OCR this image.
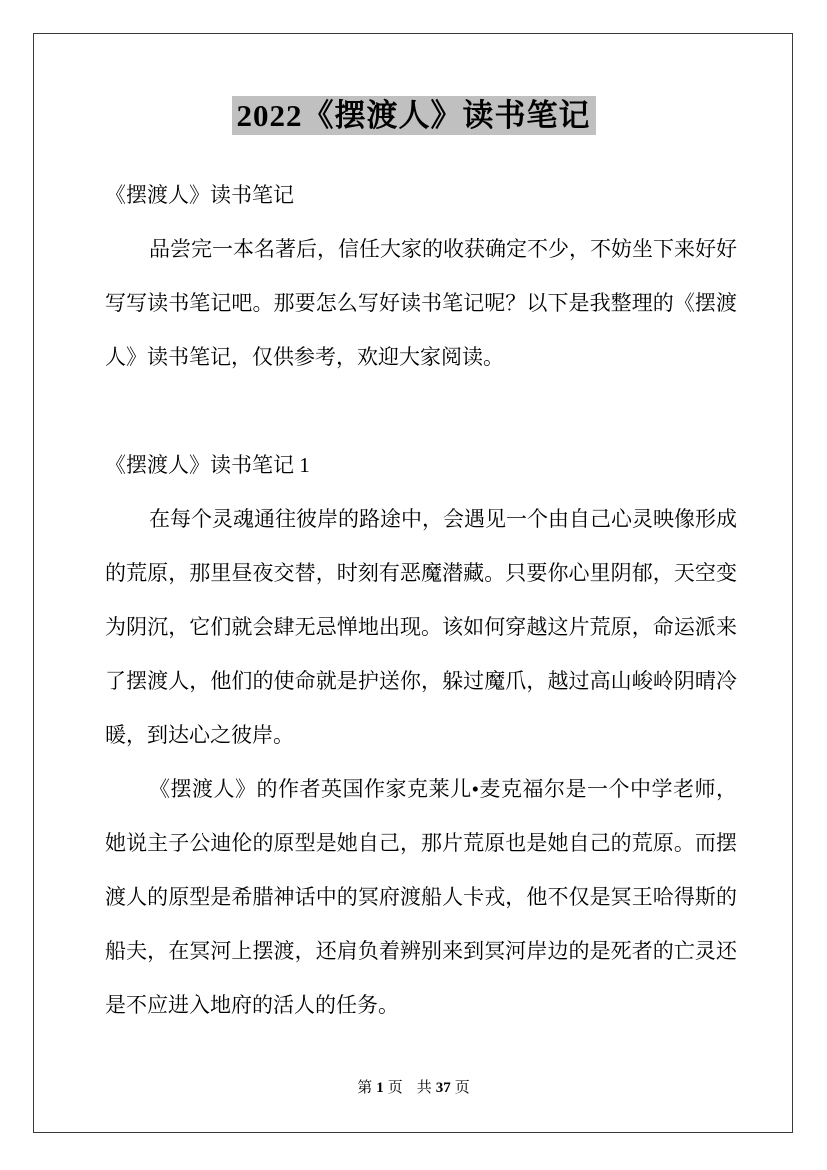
2022《摆渡人》读书笔记

《摆渡人》读书笔记

品尝完一本名著后，信任大家的收获确定不少，不妨坐下来好好写写读书笔记吧。那要怎么写好读书笔记呢？以下是我整理的《摆渡人》读书笔记，仅供参考，欢迎大家阅读。

《摆渡人》读书笔记 1

在每个灵魂通往彼岸的路途中，会遇见一个由自己心灵映像形成的荒原，那里昼夜交替，时刻有恶魔潜藏。只要你心里阴郁，天空变为阴沉，它们就会肆无忌惮地出现。该如何穿越这片荒原，命运派来了摆渡人，他们的使命就是护送你，躲过魔爪，越过高山峻岭阴晴冷暖，到达心之彼岸。

《摆渡人》的作者英国作家克莱儿•麦克福尔是一个中学老师，她说主子公迪伦的原型是她自己，那片荒原也是她自己的荒原。而摆渡人的原型是希腊神话中的冥府渡船人卡戎，他不仅是冥王哈得斯的船夫，在冥河上摆渡，还肩负着辨别来到冥河岸边的是死者的亡灵还是不应进入地府的活人的任务。

第 1 页 共 37 页
